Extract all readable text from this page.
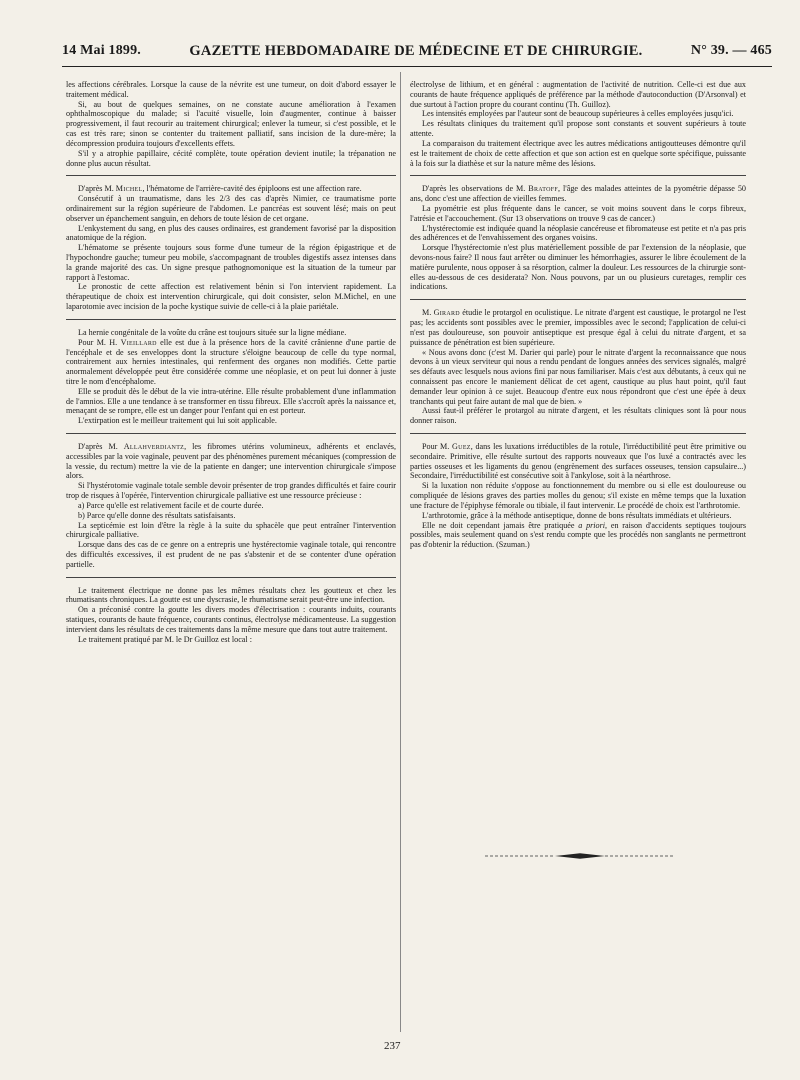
14 Mai 1899.	GAZETTE HEBDOMADAIRE DE MÉDECINE ET DE CHIRURGIE.	N° 39. — 465

les affections cérébrales. Lorsque la cause de la névrite est une tumeur, on doit d'abord essayer le traitement médical.

Si, au bout de quelques semaines, on ne constate aucune amélioration à l'examen ophthalmoscopique du malade; si l'acuité visuelle, loin d'augmenter, continue à baisser progressivement, il faut recourir au traitement chirurgical; enlever la tumeur, si c'est possible, et le cas est très rare; sinon se contenter du traitement palliatif, sans incision de la dure-mère; la décompression produira toujours d'excellents effets.

S'il y a atrophie papillaire, cécité complète, toute opération devient inutile; la trépanation ne donne plus aucun résultat.

D'après M. Michel, l'hématome de l'arrière-cavité des épiploons est une affection rare.

Consécutif à un traumatisme, dans les 2/3 des cas d'après Nimier, ce traumatisme porte ordinairement sur la région supérieure de l'abdomen. Le pancréas est souvent lésé; mais on peut observer un épanchement sanguin, en dehors de toute lésion de cet organe.

L'enkystement du sang, en plus des causes ordinaires, est grandement favorisé par la disposition anatomique de la région.

L'hématome se présente toujours sous forme d'une tumeur de la région épigastrique et de l'hypochondre gauche; tumeur peu mobile, s'accompagnant de troubles digestifs assez intenses dans la grande majorité des cas. Un signe presque pathognomonique est la situation de la tumeur par rapport à l'estomac.

Le pronostic de cette affection est relativement bénin si l'on intervient rapidement. La thérapeutique de choix est intervention chirurgicale, qui doit consister, selon M.Michel, en une laparotomie avec incision de la poche kystique suivie de celle-ci à la plaie pariétale.

La hernie congénitale de la voûte du crâne est toujours située sur la ligne médiane.

Pour M. H. Vieillard elle est due à la présence hors de la cavité crânienne d'une partie de l'encéphale et de ses enveloppes dont la structure s'éloigne beaucoup de celle du type normal, contrairement aux hernies intestinales, qui renferment des organes non modifiés. Cette partie anormalement développée peut être considérée comme une néoplasie, et on peut lui donner à juste titre le nom d'encéphalome.

Elle se produit dès le début de la vie intra-utérine. Elle résulte probablement d'une inflammation de l'amnios. Elle a une tendance à se transformer en tissu fibreux. Elle s'accroît après la naissance et, menaçant de se rompre, elle est un danger pour l'enfant qui en est porteur.

L'extirpation est le meilleur traitement qui lui soit applicable.

D'après M. Allahverdiantz, les fibromes utérins volumineux, adhérents et enclavés, accessibles par la voie vaginale, peuvent par des phénomènes purement mécaniques (compression de la vessie, du rectum) mettre la vie de la patiente en danger; une intervention chirurgicale s'impose alors.

Si l'hystérotomie vaginale totale semble devoir présenter de trop grandes difficultés et faire courir trop de risques à l'opérée, l'intervention chirurgicale palliative est une ressource précieuse :

a) Parce qu'elle est relativement facile et de courte durée.

b) Parce qu'elle donne des résultats satisfaisants.

La septicémie est loin d'être la règle à la suite du sphacèle que peut entraîner l'intervention chirurgicale palliative.

Lorsque dans des cas de ce genre on a entrepris une hystérectomie vaginale totale, qui rencontre des difficultés excessives, il est prudent de ne pas s'abstenir et de se contenter d'une opération partielle.

Le traitement électrique ne donne pas les mêmes résultats chez les goutteux et chez les rhumatisants chroniques. La goutte est une dyscrasie, le rhumatisme serait peut-être une infection.

On a préconisé contre la goutte les divers modes d'électrisation : courants induits, courants statiques, courants de haute fréquence, courants continus, électrolyse médicamenteuse. La suggestion intervient dans les résultats de ces traitements dans la même mesure que dans tout autre traitement.

Le traitement pratiqué par M. le Dr Guilloz est local :

électrolyse de lithium, et en général : augmentation de l'activité de nutrition. Celle-ci est due aux courants de haute fréquence appliqués de préférence par la méthode d'autoconduction (D'Arsonval) et due surtout à l'action propre du courant continu (Th. Guilloz).

Les intensités employées par l'auteur sont de beaucoup supérieures à celles employées jusqu'ici.

Les résultats cliniques du traitement qu'il propose sont constants et souvent supérieurs à toute attente.

La comparaison du traitement électrique avec les autres médications antigoutteuses démontre qu'il est le traitement de choix de cette affection et que son action est en quelque sorte spécifique, puissante à la fois sur la diathèse et sur la nature même des lésions.

D'après les observations de M. Bratoff, l'âge des malades atteintes de la pyométrie dépasse 50 ans, donc c'est une affection de vieilles femmes.

La pyométrie est plus fréquente dans le cancer, se voit moins souvent dans le corps fibreux, l'atrésie et l'accouchement. (Sur 13 observations on trouve 9 cas de cancer.)

L'hystérectomie est indiquée quand la néoplasie cancéreuse et fibromateuse est petite et n'a pas pris des adhérences et de l'envahissement des organes voisins.

Lorsque l'hystérectomie n'est plus matériellement possible de par l'extension de la néoplasie, que devons-nous faire? Il nous faut arrêter ou diminuer les hémorrhagies, assurer le libre écoulement de la matière purulente, nous opposer à sa résorption, calmer la douleur. Les ressources de la chirurgie sont-elles au-dessous de ces desiderata? Non. Nous pouvons, par un ou plusieurs curetages, remplir ces indications.

M. Girard étudie le protargol en oculistique. Le nitrate d'argent est caustique, le protargol ne l'est pas; les accidents sont possibles avec le premier, impossibles avec le second; l'application de celui-ci n'est pas douloureuse, son pouvoir antiseptique est presque égal à celui du nitrate d'argent, et sa puissance de pénétration est bien supérieure.

« Nous avons donc (c'est M. Darier qui parle) pour le nitrate d'argent la reconnaissance que nous devons à un vieux serviteur qui nous a rendu pendant de longues années des services signalés, malgré ses défauts avec lesquels nous avions fini par nous familiariser. Mais c'est aux débutants, à ceux qui ne connaissent pas encore le maniement délicat de cet agent, caustique au plus haut point, qu'il faut demander leur opinion à ce sujet. Beaucoup d'entre eux nous répondront que c'est une épée à deux tranchants qui peut faire autant de mal que de bien. »

Aussi faut-il préférer le protargol au nitrate d'argent, et les résultats cliniques sont là pour nous donner raison.

Pour M. Guez, dans les luxations irréductibles de la rotule, l'irréductibilité peut être primitive ou secondaire. Primitive, elle résulte surtout des rapports nouveaux que l'os luxé a contractés avec les parties osseuses et les ligaments du genou (engrènement des surfaces osseuses, tension capsulaire...) Secondaire, l'irréductibilité est consécutive soit à l'ankylose, soit à la néarthrose.

Si la luxation non réduite s'oppose au fonctionnement du membre ou si elle est douloureuse ou compliquée de lésions graves des parties molles du genou; s'il existe en même temps que la luxation une fracture de l'épiphyse fémorale ou tibiale, il faut intervenir. Le procédé de choix est l'arthrotomie.

L'arthrotomie, grâce à la méthode antiseptique, donne de bons résultats immédiats et ultérieurs.

Elle ne doit cependant jamais être pratiquée a priori, en raison d'accidents septiques toujours possibles, mais seulement quand on s'est rendu compte que les procédés non sanglants ne permettront pas d'obtenir la réduction. (Szuman.)

237
